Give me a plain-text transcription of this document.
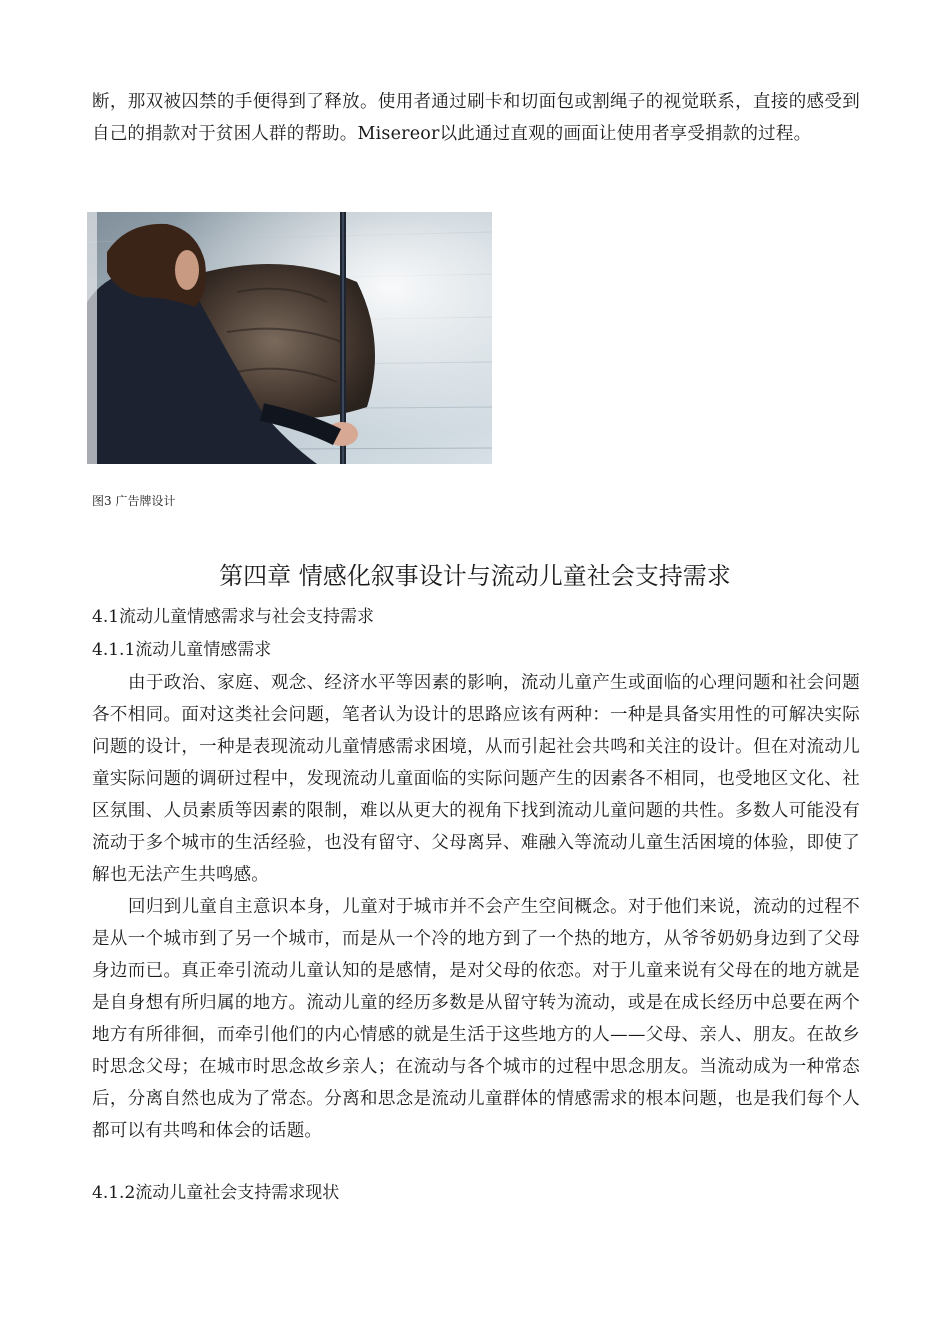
断，那双被囚禁的手便得到了释放。使用者通过刷卡和切面包或割绳子的视觉联系，直接的感受到自己的捐款对于贫困人群的帮助。Misereor以此通过直观的画面让使用者享受捐款的过程。

图3 广告牌设计
第四章 情感化叙事设计与流动儿童社会支持需求

4.1流动儿童情感需求与社会支持需求

4.1.1流动儿童情感需求

由于政治、家庭、观念、经济水平等因素的影响，流动儿童产生或面临的心理问题和社会问题各不相同。面对这类社会问题，笔者认为设计的思路应该有两种：一种是具备实用性的可解决实际问题的设计，一种是表现流动儿童情感需求困境，从而引起社会共鸣和关注的设计。但在对流动儿童实际问题的调研过程中，发现流动儿童面临的实际问题产生的因素各不相同，也受地区文化、社区氛围、人员素质等因素的限制，难以从更大的视角下找到流动儿童问题的共性。多数人可能没有流动于多个城市的生活经验，也没有留守、父母离异、难融入等流动儿童生活困境的体验，即使了解也无法产生共鸣感。

回归到儿童自主意识本身，儿童对于城市并不会产生空间概念。对于他们来说，流动的过程不是从一个城市到了另一个城市，而是从一个冷的地方到了一个热的地方，从爷爷奶奶身边到了父母身边而已。真正牵引流动儿童认知的是感情，是对父母的依恋。对于儿童来说有父母在的地方就是是自身想有所归属的地方。流动儿童的经历多数是从留守转为流动，或是在成长经历中总要在两个地方有所徘徊，而牵引他们的内心情感的就是生活于这些地方的人——父母、亲人、朋友。在故乡时思念父母；在城市时思念故乡亲人；在流动与各个城市的过程中思念朋友。当流动成为一种常态后，分离自然也成为了常态。分离和思念是流动儿童群体的情感需求的根本问题，也是我们每个人都可以有共鸣和体会的话题。

4.1.2流动儿童社会支持需求现状
